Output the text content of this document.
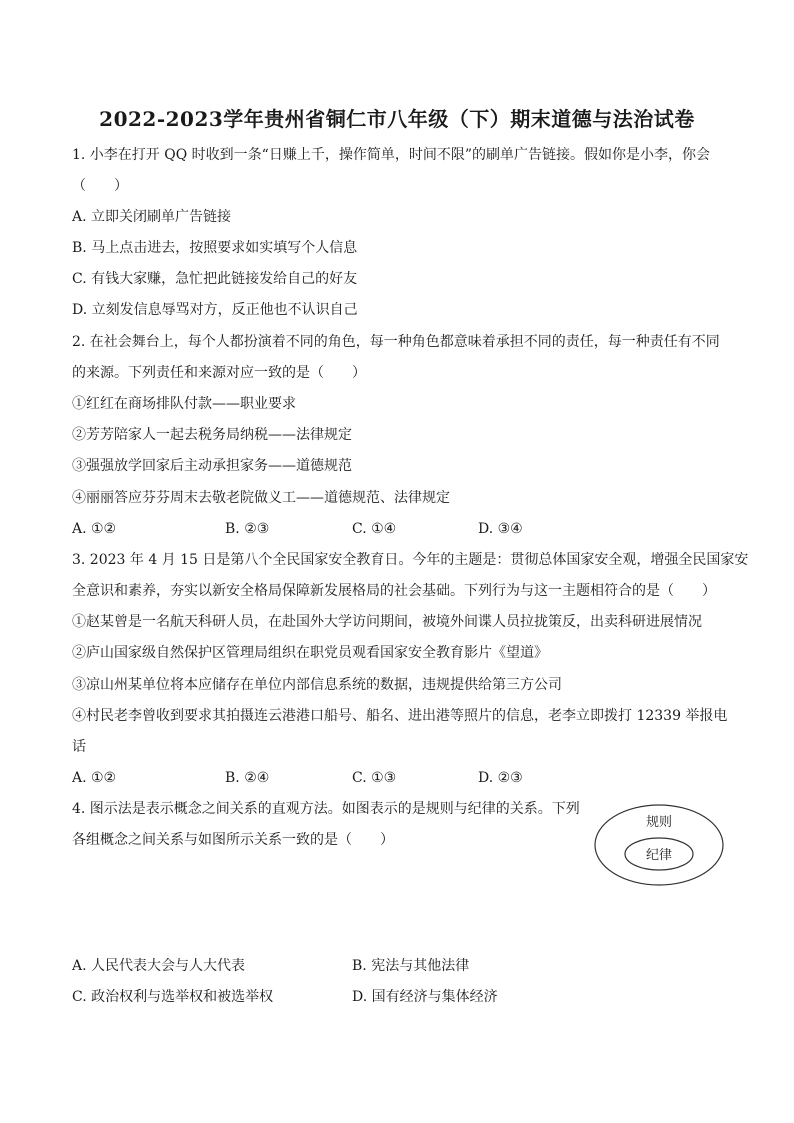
2022-2023学年贵州省铜仁市八年级（下）期末道德与法治试卷
1. 小李在打开 QQ 时收到一条“日赚上千，操作简单，时间不限”的刷单广告链接。假如你是小李，你会
（　　）
A. 立即关闭刷单广告链接
B. 马上点击进去，按照要求如实填写个人信息
C. 有钱大家赚，急忙把此链接发给自己的好友
D. 立刻发信息辱骂对方，反正他也不认识自己
2. 在社会舞台上，每个人都扮演着不同的角色，每一种角色都意味着承担不同的责任，每一种责任有不同
的来源。下列责任和来源对应一致的是（　　）
①红红在商场排队付款——职业要求
②芳芳陪家人一起去税务局纳税——法律规定
③强强放学回家后主动承担家务——道德规范
④丽丽答应芬芬周末去敬老院做义工——道德规范、法律规定
A. ①②	B. ②③	C. ①④	D. ③④
3. 2023 年 4 月 15 日是第八个全民国家安全教育日。今年的主题是：贯彻总体国家安全观，增强全民国家安
全意识和素养，夯实以新安全格局保障新发展格局的社会基础。下列行为与这一主题相符合的是（　　）
①赵某曾是一名航天科研人员，在赴国外大学访问期间，被境外间谍人员拉拢策反，出卖科研进展情况
②庐山国家级自然保护区管理局组织在职党员观看国家安全教育影片《望道》
③凉山州某单位将本应储存在单位内部信息系统的数据，违规提供给第三方公司
④村民老李曾收到要求其拍摄连云港港口船号、船名、进出港等照片的信息，老李立即拨打 12339 举报电
话
A. ①②	B. ②④	C. ①③	D. ②③
4. 图示法是表示概念之间关系的直观方法。如图表示的是规则与纪律的关系。下列
各组概念之间关系与如图所示关系一致的是（　　）
规则
纪律
A. 人民代表大会与人大代表	B. 宪法与其他法律
C. 政治权利与选举权和被选举权	D. 国有经济与集体经济
